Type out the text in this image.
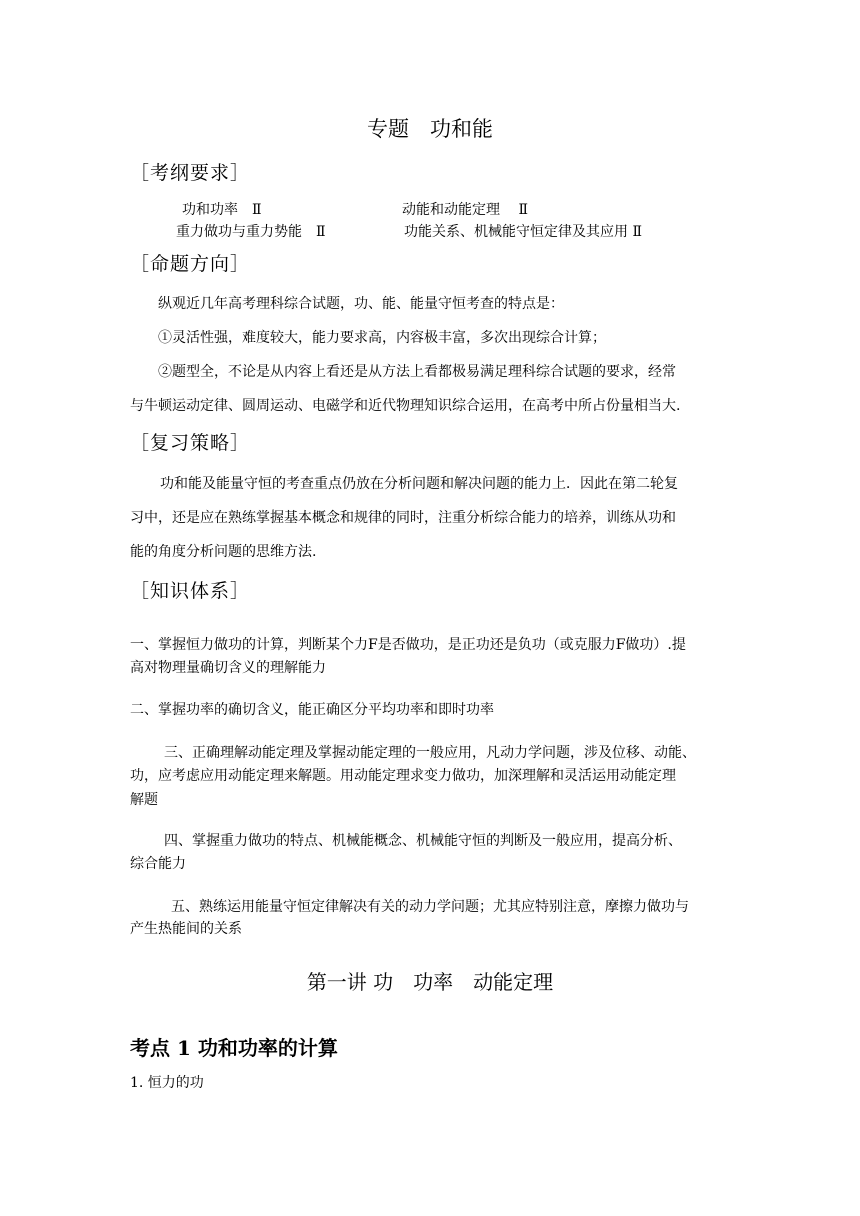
专题　功和能
［考纲要求］
功和功率　Ⅱ	动能和动能定理　 Ⅱ
重力做功与重力势能　Ⅱ	功能关系、机械能守恒定律及其应用 Ⅱ
［命题方向］
纵观近几年高考理科综合试题，功、能、能量守恒考查的特点是：
①灵活性强，难度较大，能力要求高，内容极丰富，多次出现综合计算；
②题型全，不论是从内容上看还是从方法上看都极易满足理科综合试题的要求，经常
与牛顿运动定律、圆周运动、电磁学和近代物理知识综合运用，在高考中所占份量相当大.
［复习策略］
功和能及能量守恒的考查重点仍放在分析问题和解决问题的能力上．因此在第二轮复
习中，还是应在熟练掌握基本概念和规律的同时，注重分析综合能力的培养，训练从功和
能的角度分析问题的思维方法.
［知识体系］
一、掌握恒力做功的计算，判断某个力F是否做功，是正功还是负功（或克服力F做功）.提
高对物理量确切含义的理解能力
二、掌握功率的确切含义，能正确区分平均功率和即时功率
三、正确理解动能定理及掌握动能定理的一般应用，凡动力学问题，涉及位移、动能、
功，应考虑应用动能定理来解题。用动能定理求变力做功，加深理解和灵活运用动能定理
解题
四、掌握重力做功的特点、机械能概念、机械能守恒的判断及一般应用，提高分析、
综合能力
五、熟练运用能量守恒定律解决有关的动力学问题；尤其应特别注意，摩擦力做功与
产生热能间的关系
第一讲 功　功率　动能定理
考点 1 功和功率的计算
1. 恒力的功
